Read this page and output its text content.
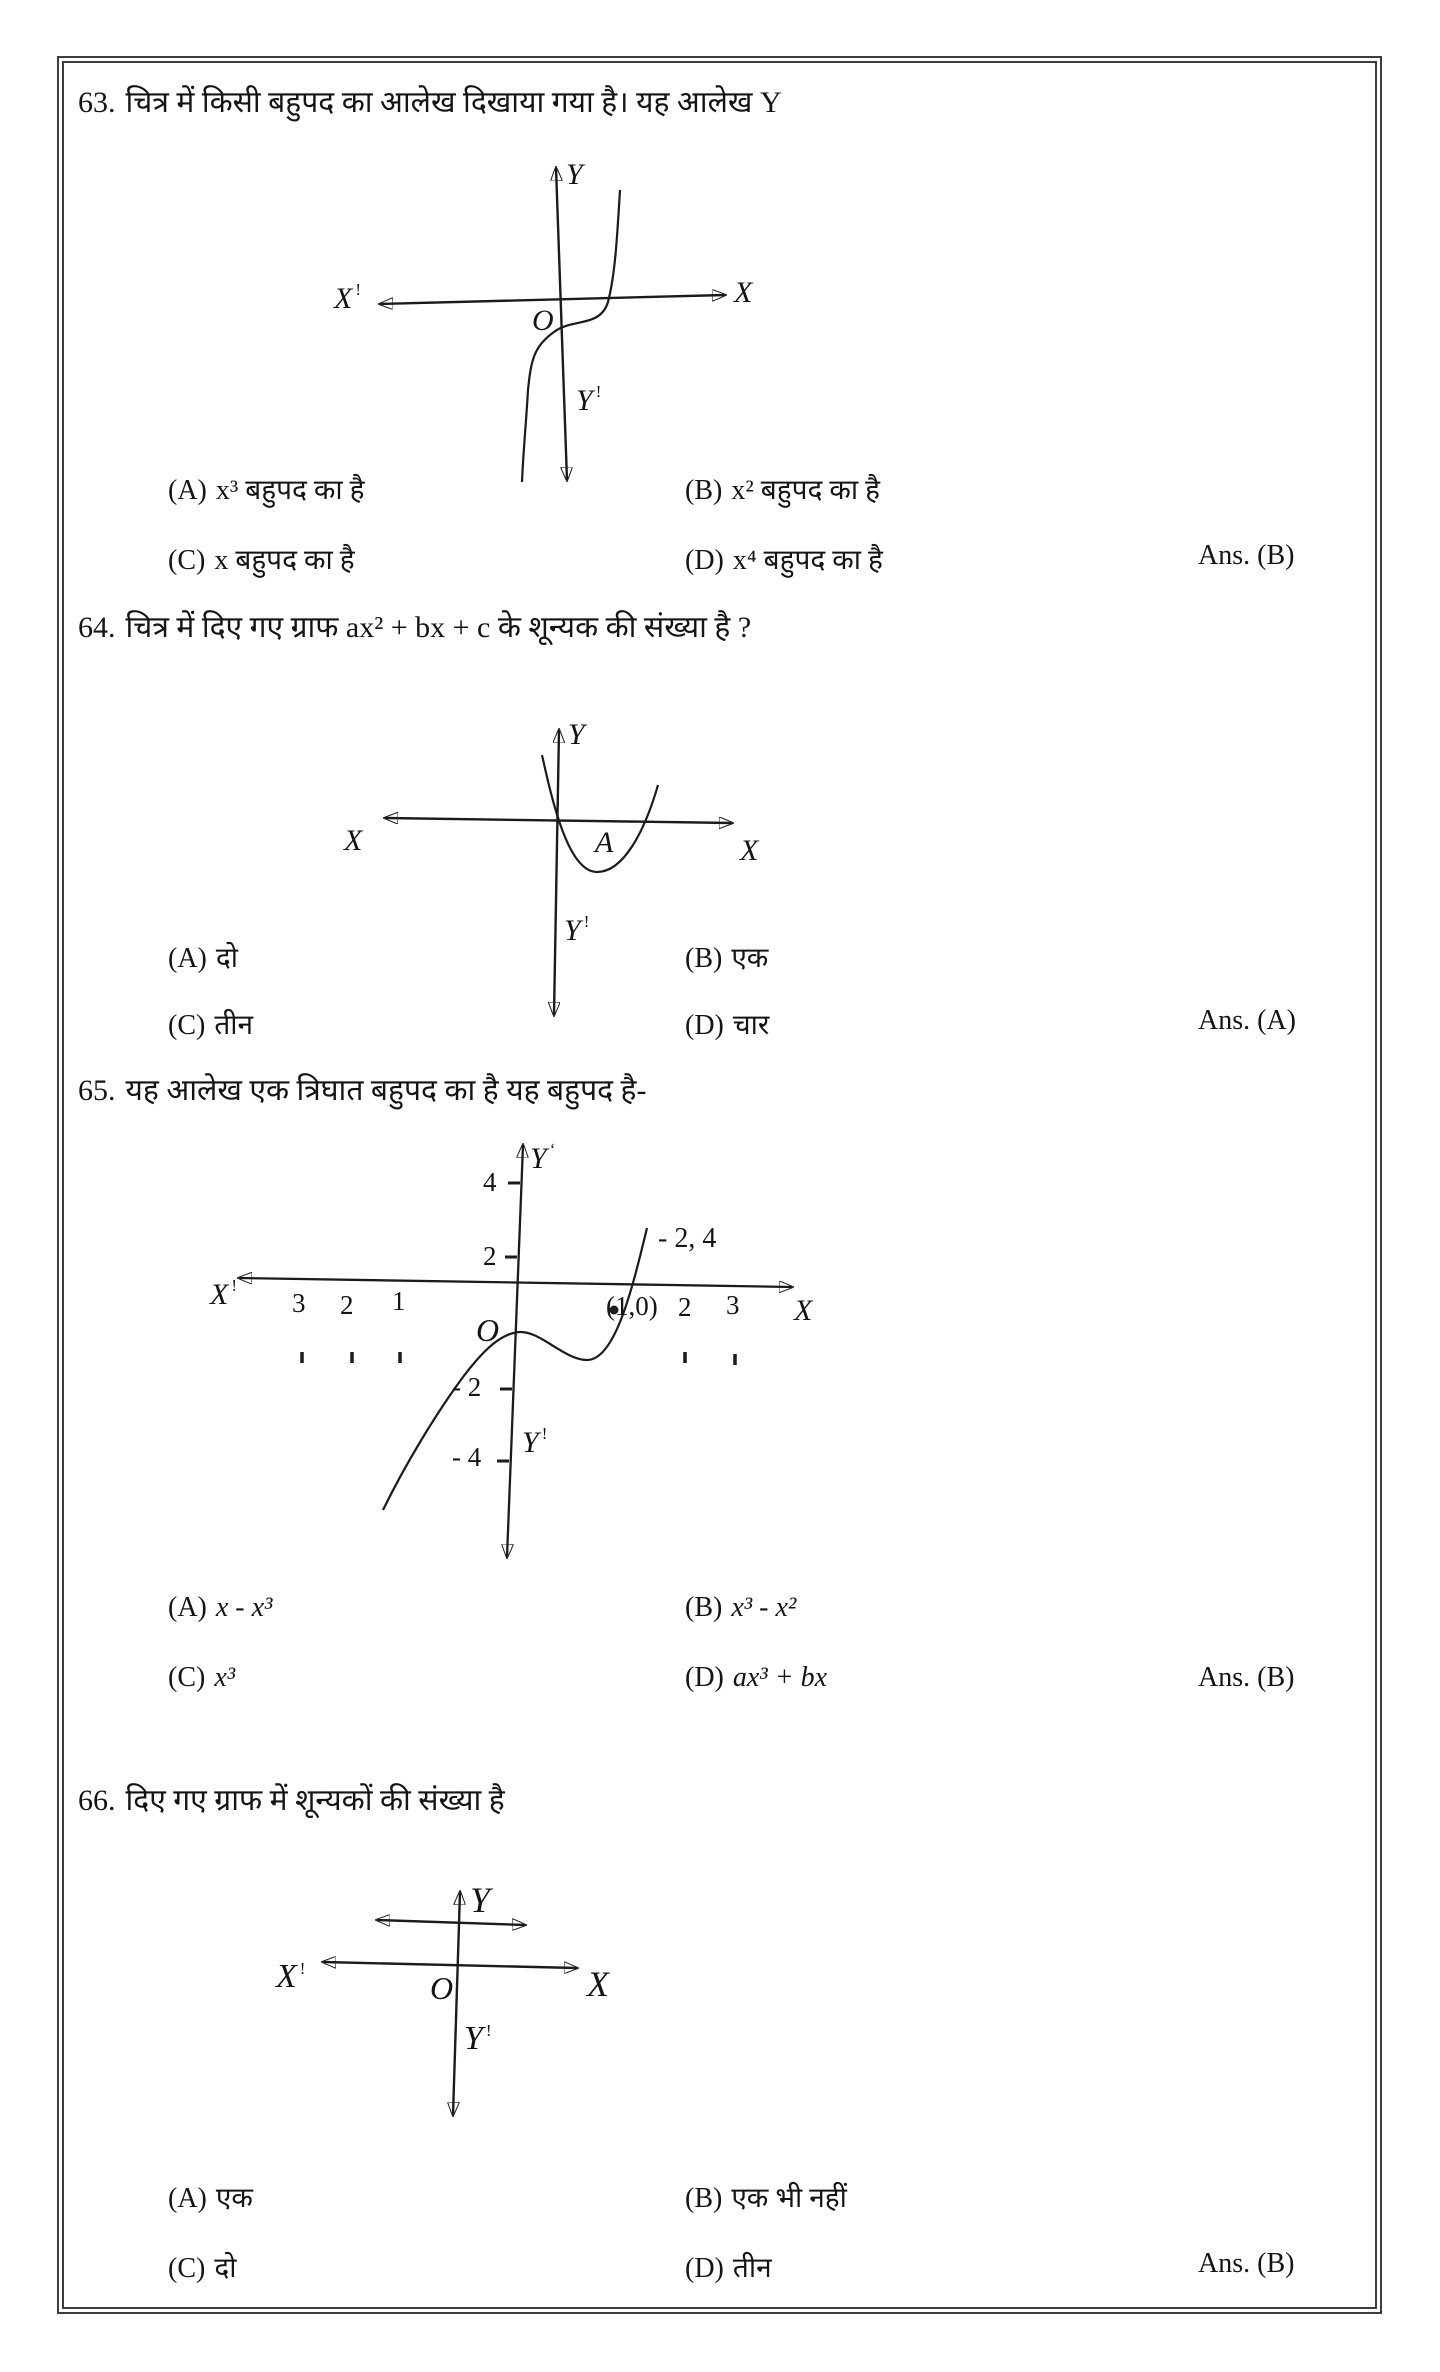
63. चित्र में किसी बहुपद का आलेख दिखाया गया है। यह आलेख Y
Y
X
X !
O
Y !
(A) x³ बहुपद का है	(B) x² बहुपद का है
(C) x बहुपद का है	(D) x⁴ बहुपद का है	Ans. (B)
64. चित्र में दिए गए ग्राफ ax² + bx + c के शून्यक की संख्या है ?
Y
X	X
A
Y !
(A) दो	(B) एक
(C) तीन	(D) चार	Ans. (A)
65. यह आलेख एक त्रिघात बहुपद का है यह बहुपद है-
Y ‘
Y !
X !
X
O
4
2
- 2
- 4
3 2 1	(1,0) 2 3
- 2, 4
(A) x - x³	(B) x³ - x²
(C) x³	(D) ax³ + bx	Ans. (B)
66. दिए गए ग्राफ में शून्यकों की संख्या है
Y
X !	X
O
Y !
(A) एक	(B) एक भी नहीं
(C) दो	(D) तीन	Ans. (B)
